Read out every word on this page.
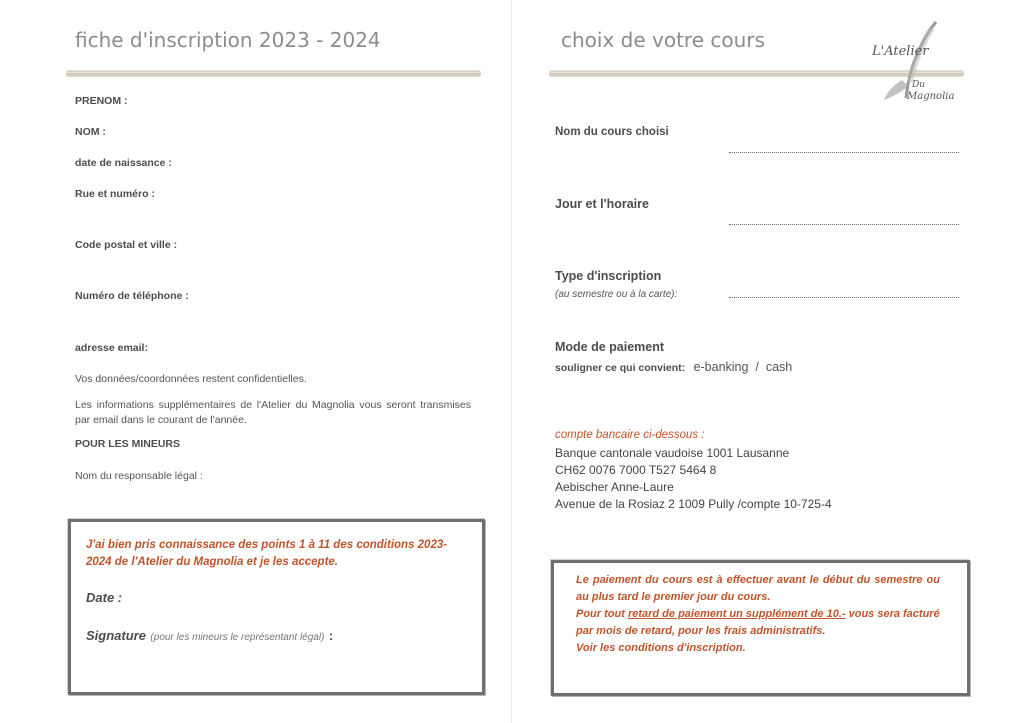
fiche d'inscription 2023 - 2024
PRENOM :
NOM :
date de naissance :
Rue et numéro :
Code postal et ville :
Numéro de téléphone :
adresse email:
Vos données/coordonnées restent confidentielles.
Les informations supplémentaires de l'Atelier du Magnolia vous seront transmises par email dans le courant de l'année.
POUR LES MINEURS
Nom du responsable légal :
J'ai bien pris connaissance des points 1 à 11 des conditions 2023-2024 de l'Atelier du Magnolia et je les accepte.
Date :
Signature (pour les mineurs le représentant légal) :
choix de votre cours	L'Atelier
Du
Magnolia
Nom du cours choisi
Jour et l'horaire
Type d'inscription
(au semestre ou à la carte):
Mode de paiement
souligner ce qui convient: e-banking  /  cash
compte bancaire ci-dessous :
Banque cantonale vaudoise 1001 Lausanne
CH62 0076 7000 T527 5464 8
Aebischer Anne-Laure
Avenue de la Rosiaz 2 1009 Pully /compte 10-725-4
Le paiement du cours est à effectuer avant le début du semestre ou au plus tard le premier jour du cours.
Pour tout retard de paiement un supplément de 10.- vous sera facturé par mois de retard, pour les frais administratifs.
Voir les conditions d'inscription.
